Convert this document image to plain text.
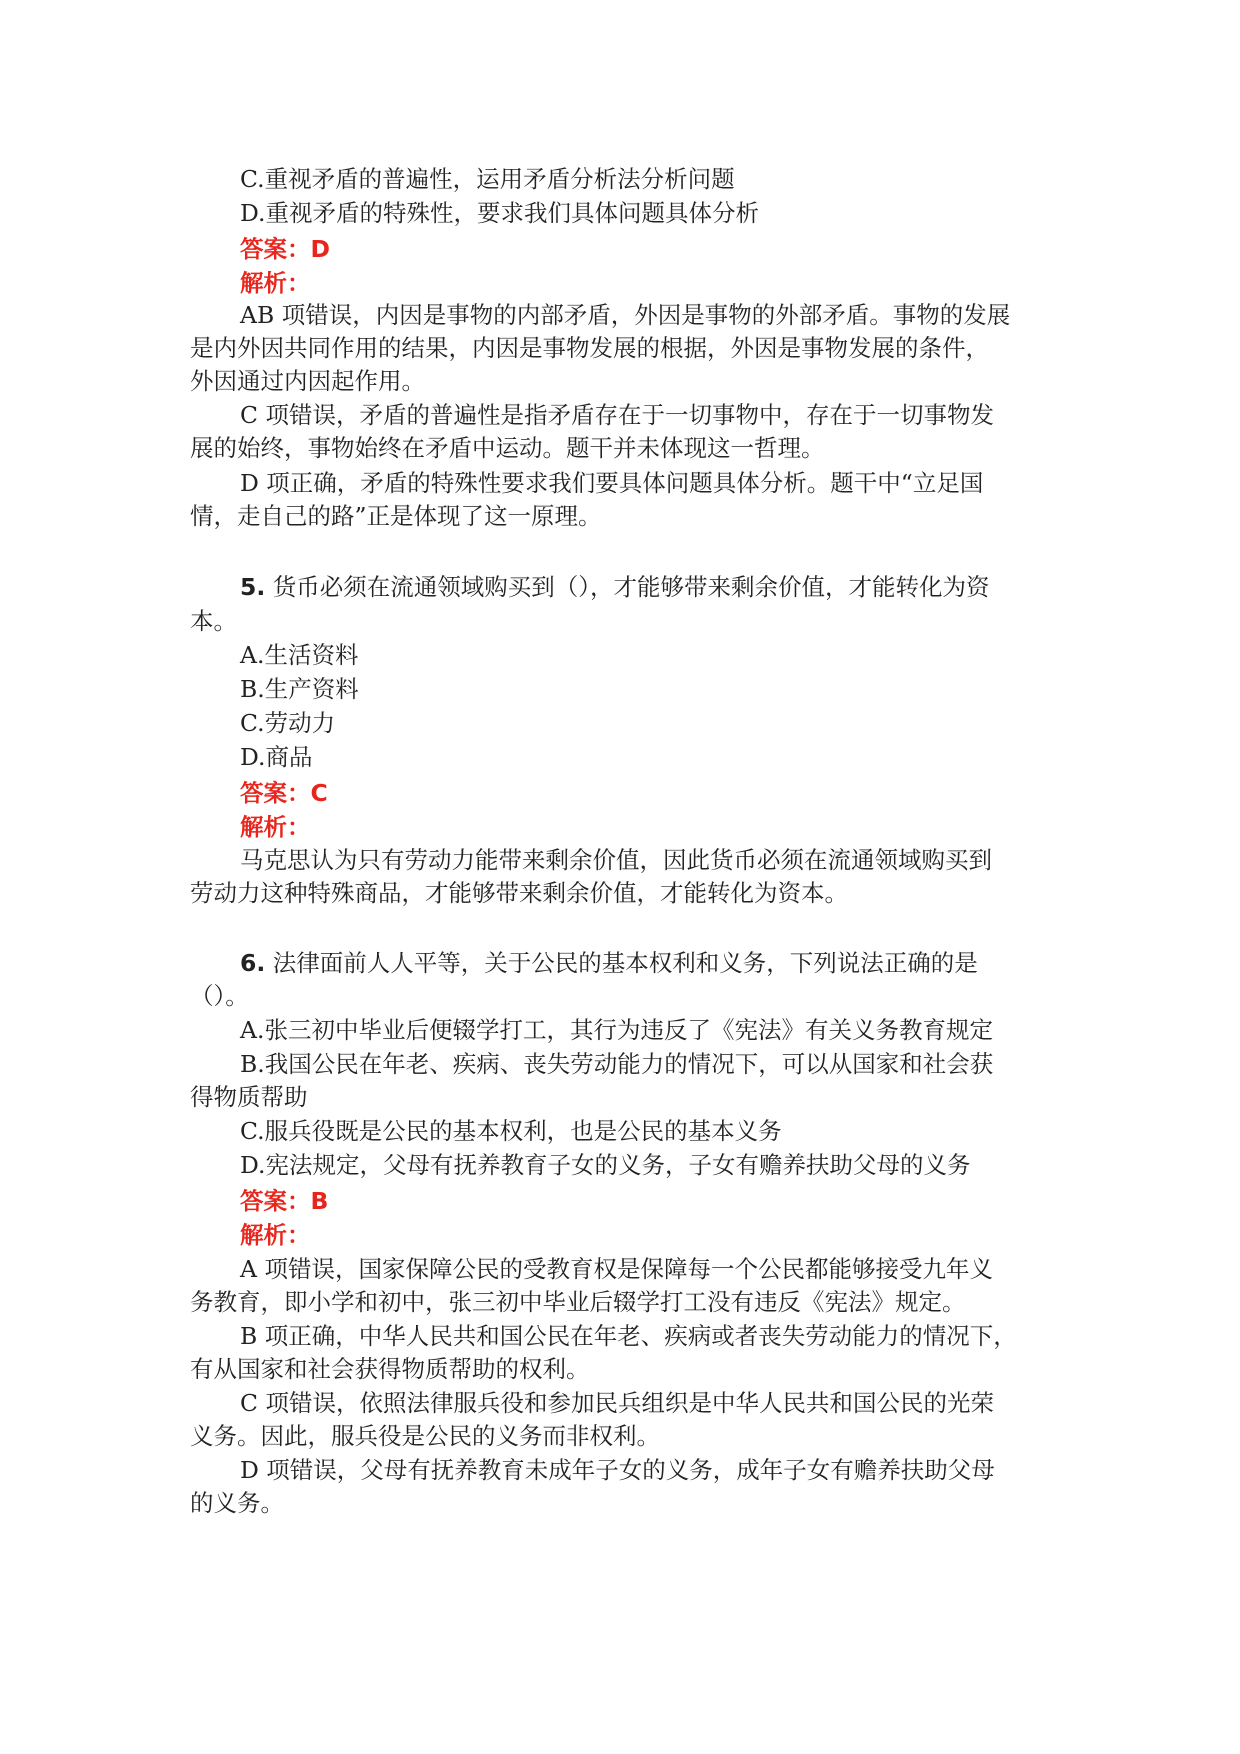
C.重视矛盾的普遍性，运用矛盾分析法分析问题
D.重视矛盾的特殊性，要求我们具体问题具体分析
答案：D
解析：
AB 项错误，内因是事物的内部矛盾，外因是事物的外部矛盾。事物的发展
是内外因共同作用的结果，内因是事物发展的根据，外因是事物发展的条件，
外因通过内因起作用。
C 项错误，矛盾的普遍性是指矛盾存在于一切事物中，存在于一切事物发
展的始终，事物始终在矛盾中运动。题干并未体现这一哲理。
D 项正确，矛盾的特殊性要求我们要具体问题具体分析。题干中“立足国
情，走自己的路”正是体现了这一原理。
5. 货币必须在流通领域购买到（），才能够带来剩余价值，才能转化为资
本。
A.生活资料
B.生产资料
C.劳动力
D.商品
答案：C
解析：
马克思认为只有劳动力能带来剩余价值，因此货币必须在流通领域购买到
劳动力这种特殊商品，才能够带来剩余价值，才能转化为资本。
6. 法律面前人人平等，关于公民的基本权利和义务，下列说法正确的是
（）。
A.张三初中毕业后便辍学打工，其行为违反了《宪法》有关义务教育规定
B.我国公民在年老、疾病、丧失劳动能力的情况下，可以从国家和社会获
得物质帮助
C.服兵役既是公民的基本权利，也是公民的基本义务
D.宪法规定，父母有抚养教育子女的义务，子女有赡养扶助父母的义务
答案：B
解析：
A 项错误，国家保障公民的受教育权是保障每一个公民都能够接受九年义
务教育，即小学和初中，张三初中毕业后辍学打工没有违反《宪法》规定。
B 项正确，中华人民共和国公民在年老、疾病或者丧失劳动能力的情况下，
有从国家和社会获得物质帮助的权利。
C 项错误，依照法律服兵役和参加民兵组织是中华人民共和国公民的光荣
义务。因此，服兵役是公民的义务而非权利。
D 项错误，父母有抚养教育未成年子女的义务，成年子女有赡养扶助父母
的义务。
